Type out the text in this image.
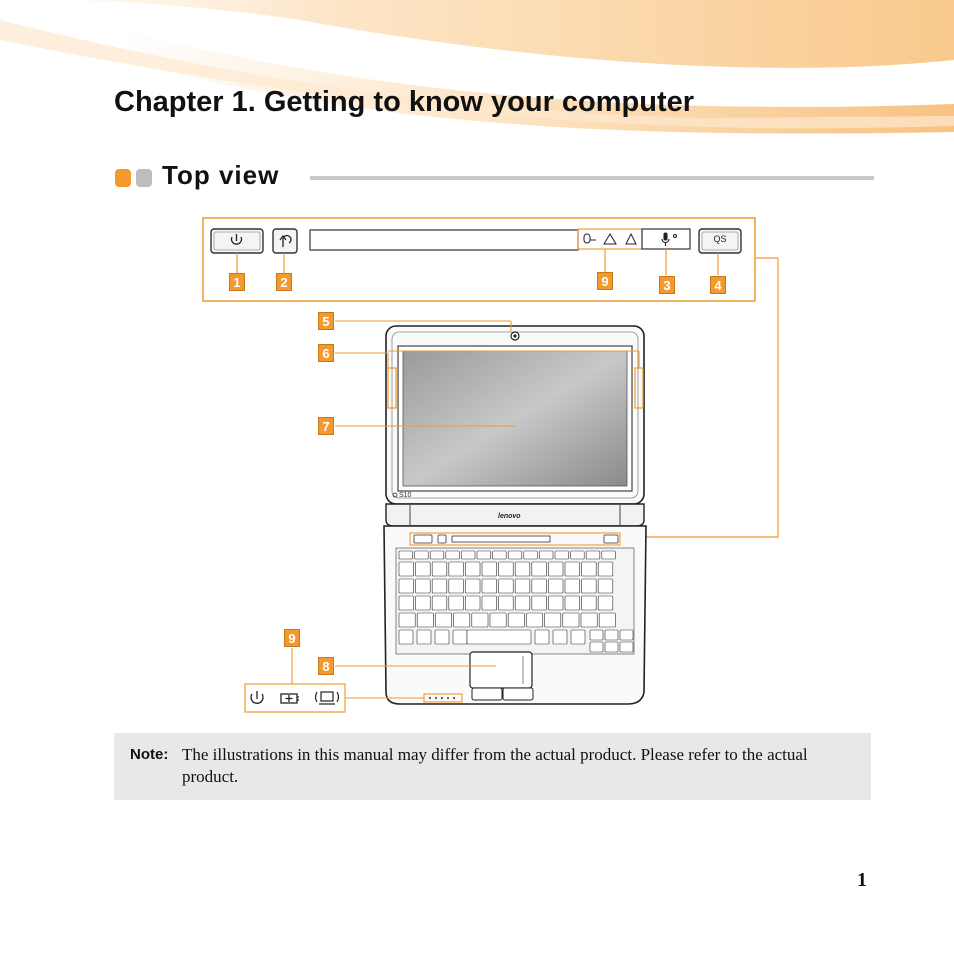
Chapter 1. Getting to know your computer
Top view
S10
lenovo
QS
1	2	9	3	4
5
6
7
9
8
Note: The illustrations in this manual may differ from the actual product. Please refer to the actual product.
1
